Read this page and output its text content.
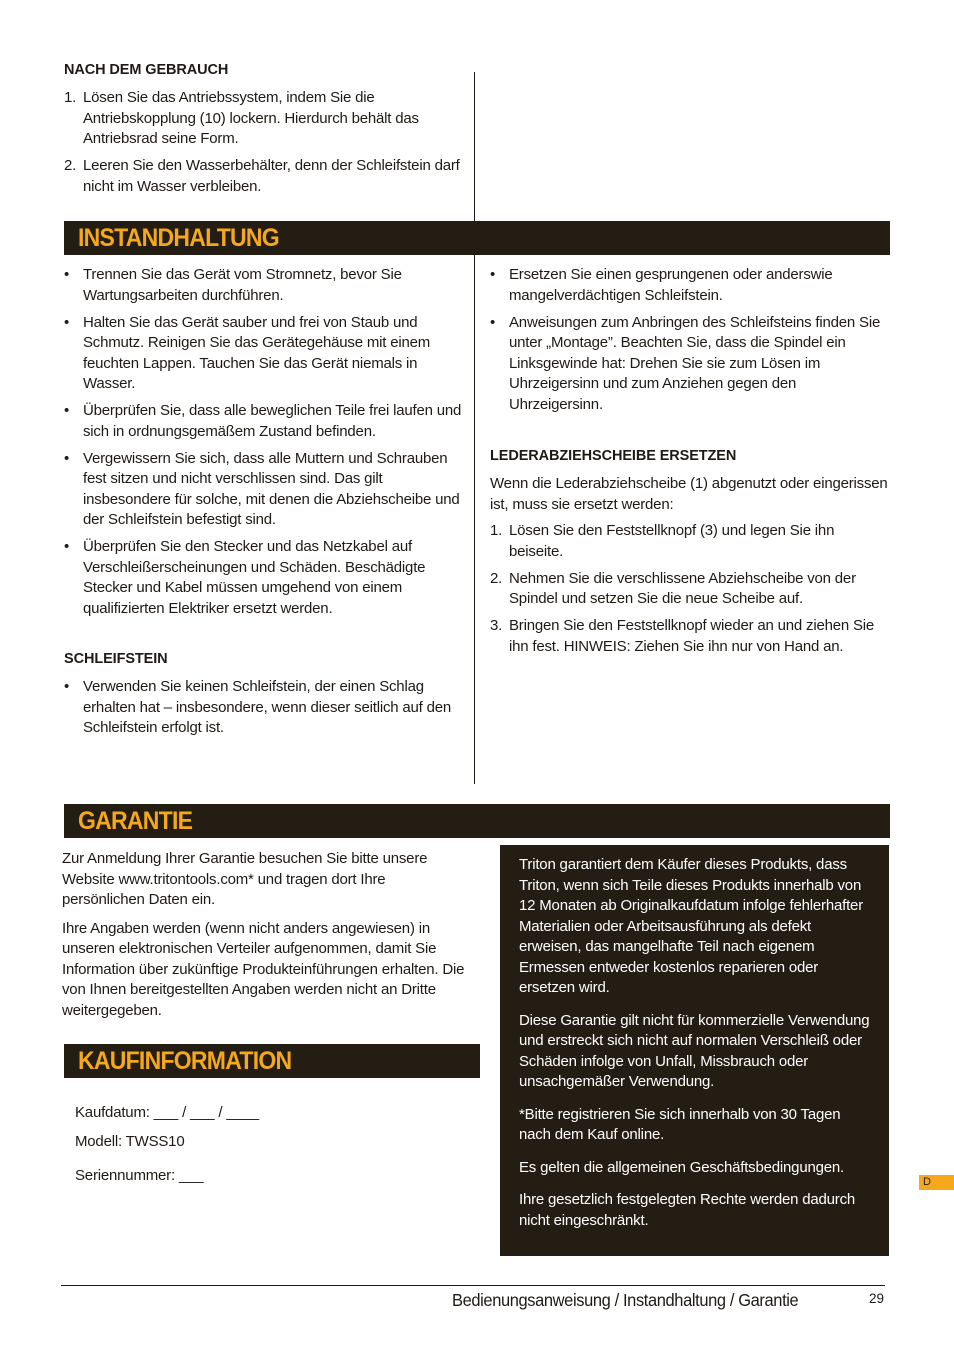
NACH DEM GEBRAUCH
1. Lösen Sie das Antriebssystem, indem Sie die Antriebskopplung (10) lockern. Hierdurch behält das Antriebsrad seine Form.
2. Leeren Sie den Wasserbehälter, denn der Schleifstein darf nicht im Wasser verbleiben.
INSTANDHALTUNG
• Trennen Sie das Gerät vom Stromnetz, bevor Sie Wartungsarbeiten durchführen.
• Halten Sie das Gerät sauber und frei von Staub und Schmutz. Reinigen Sie das Gerätegehäuse mit einem feuchten Lappen. Tauchen Sie das Gerät niemals in Wasser.
• Überprüfen Sie, dass alle beweglichen Teile frei laufen und sich in ordnungsgemäßem Zustand befinden.
• Vergewissern Sie sich, dass alle Muttern und Schrauben fest sitzen und nicht verschlissen sind. Das gilt insbesondere für solche, mit denen die Abziehscheibe und der Schleifstein befestigt sind.
• Überprüfen Sie den Stecker und das Netzkabel auf Verschleißerscheinungen und Schäden. Beschädigte Stecker und Kabel müssen umgehend von einem qualifizierten Elektriker ersetzt werden.
SCHLEIFSTEIN
• Verwenden Sie keinen Schleifstein, der einen Schlag erhalten hat – insbesondere, wenn dieser seitlich auf den Schleifstein erfolgt ist.
• Ersetzen Sie einen gesprungenen oder anderswie mangelverdächtigen Schleifstein.
• Anweisungen zum Anbringen des Schleifsteins finden Sie unter „Montage”. Beachten Sie, dass die Spindel ein Linksgewinde hat: Drehen Sie sie zum Lösen im Uhrzeigersinn und zum Anziehen gegen den Uhrzeigersinn.
LEDERABZIEHSCHEIBE ERSETZEN
Wenn die Lederabziehscheibe (1) abgenutzt oder eingerissen ist, muss sie ersetzt werden:
1. Lösen Sie den Feststellknopf (3) und legen Sie ihn beiseite.
2. Nehmen Sie die verschlissene Abziehscheibe von der Spindel und setzen Sie die neue Scheibe auf.
3. Bringen Sie den Feststellknopf wieder an und ziehen Sie ihn fest. HINWEIS: Ziehen Sie ihn nur von Hand an.
GARANTIE

Zur Anmeldung Ihrer Garantie besuchen Sie bitte unsere Website www.tritontools.com* und tragen dort Ihre persönlichen Daten ein.

Ihre Angaben werden (wenn nicht anders angewiesen) in unseren elektronischen Verteiler aufgenommen, damit Sie Information über zukünftige Produkteinführungen erhalten. Die von Ihnen bereitgestellten Angaben werden nicht an Dritte weitergegeben.

KAUFINFORMATION
Kaufdatum: ___ / ___ / ____
Modell: TWSS10
Seriennummer: ___

Triton garantiert dem Käufer dieses Produkts, dass Triton, wenn sich Teile dieses Produkts innerhalb von 12 Monaten ab Originalkaufdatum infolge fehlerhafter Materialien oder Arbeitsausführung als defekt erweisen, das mangelhafte Teil nach eigenem Ermessen entweder kostenlos reparieren oder ersetzen wird.

Diese Garantie gilt nicht für kommerzielle Verwendung und erstreckt sich nicht auf normalen Verschleiß oder Schäden infolge von Unfall, Missbrauch oder unsachgemäßer Verwendung.

*Bitte registrieren Sie sich innerhalb von 30 Tagen nach dem Kauf online.

Es gelten die allgemeinen Geschäftsbedingungen.

Ihre gesetzlich festgelegten Rechte werden dadurch nicht eingeschränkt.

D
Bedienungsanweisung / Instandhaltung / Garantie	29
